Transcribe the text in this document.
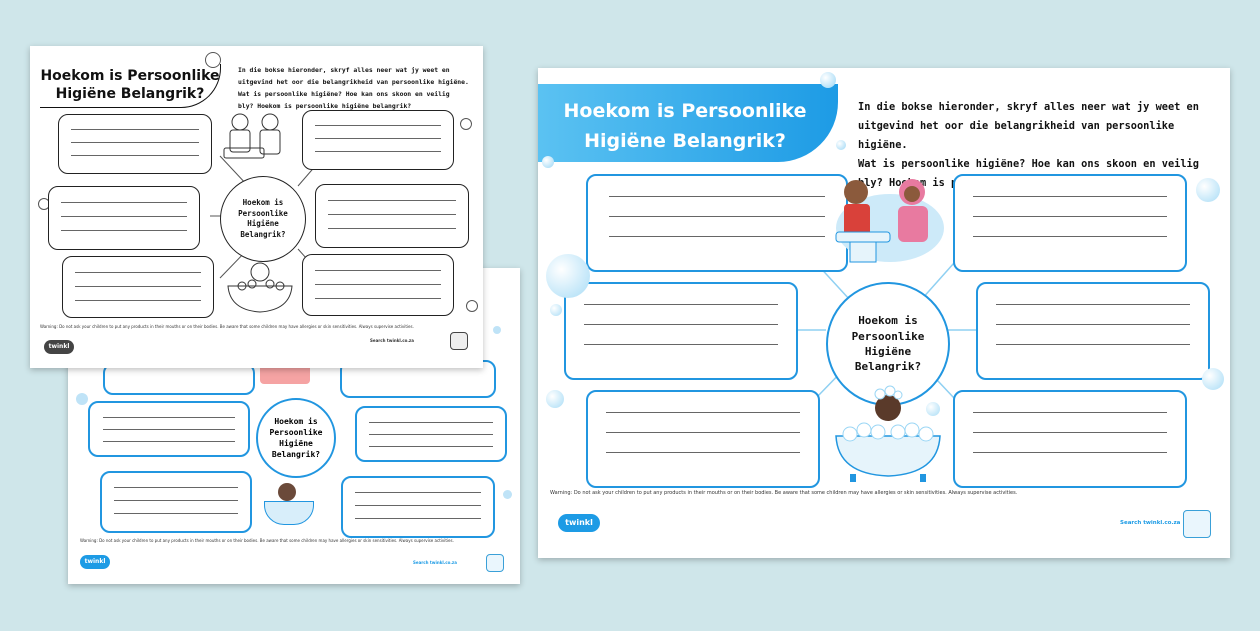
Hoekom is
Persoonlike
Higiëne
Belangrik?
Warning: Do not ask your children to put any products in their mouths or on their bodies. Be aware that some children may have allergies or skin sensitivities. Always supervise activities.
twinkl	Search twinkl.co.za
Hoekom is Persoonlike
Higiëne Belangrik?
In die bokse hieronder, skryf alles neer wat jy weet en
uitgevind het oor die belangrikheid van persoonlike higiëne.
Wat is persoonlike higiëne? Hoe kan ons skoon en veilig
bly? Hoekom is persoonlike higiëne belangrik?
Hoekom is
Persoonlike
Higiëne
Belangrik?
Warning: Do not ask your children to put any products in their mouths or on their bodies. Be aware that some children may have allergies or skin sensitivities. Always supervise activities.
twinkl
Search twinkl.co.za
Hoekom is Persoonlike
Higiëne Belangrik?
In die bokse hieronder, skryf alles neer wat jy weet en
uitgevind het oor die belangrikheid van persoonlike higiëne.
Wat is persoonlike higiëne? Hoe kan ons skoon en veilig
bly? is
Hoekom is
Persoonlike
Higiëne
Belangrik?
Warning: Do not ask your children to put any products in their mouths or on their bodies. Be aware that some children may have allergies or skin sensitivities. Always supervise activities.
twinkl	Search twinkl.co.za
